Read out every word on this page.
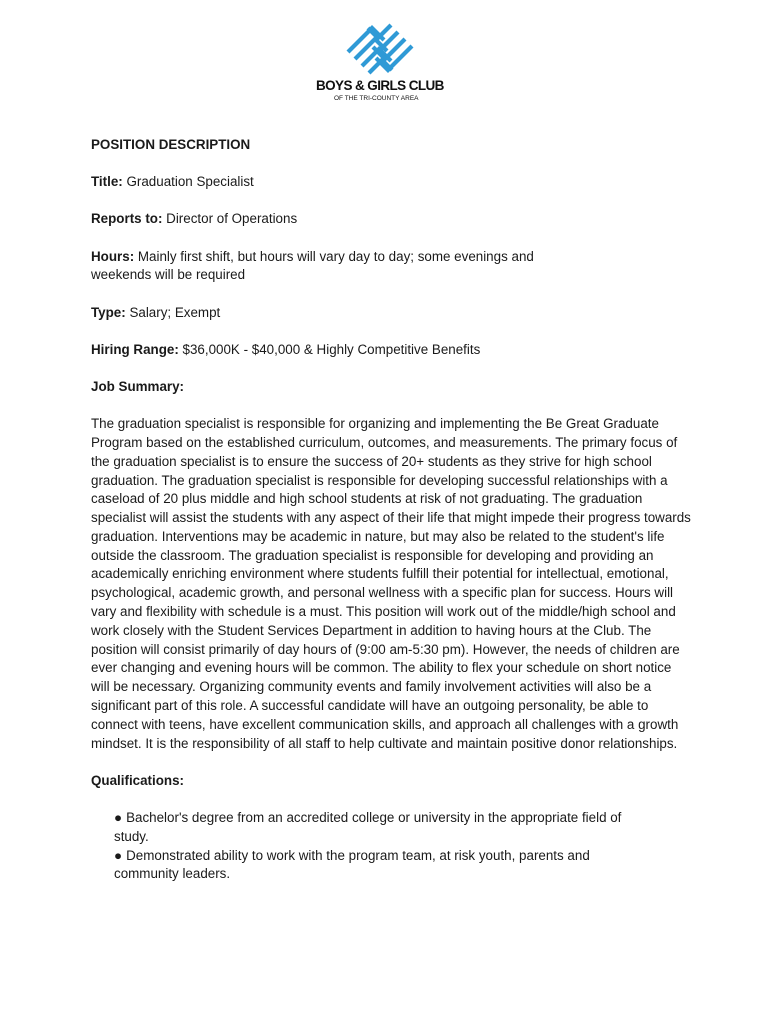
BOYS & GIRLS CLUB
OF THE TRI-COUNTY AREA
POSITION DESCRIPTION
Title: Graduation Specialist
Reports to: Director of Operations
Hours: Mainly first shift, but hours will vary day to day; some evenings and weekends will be required
Type: Salary; Exempt
Hiring Range: $36,000K - $40,000 & Highly Competitive Benefits
Job Summary:
The graduation specialist is responsible for organizing and implementing the Be Great Graduate Program based on the established curriculum, outcomes, and measurements. The primary focus of the graduation specialist is to ensure the success of 20+ students as they strive for high school graduation. The graduation specialist is responsible for developing successful relationships with a caseload of 20 plus middle and high school students at risk of not graduating. The graduation specialist will assist the students with any aspect of their life that might impede their progress towards graduation. Interventions may be academic in nature, but may also be related to the student's life outside the classroom. The graduation specialist is responsible for developing and providing an academically enriching environment where students fulfill their potential for intellectual, emotional, psychological, academic growth, and personal wellness with a specific plan for success. Hours will vary and flexibility with schedule is a must. This position will work out of the middle/high school and work closely with the Student Services Department in addition to having hours at the Club. The position will consist primarily of day hours of (9:00 am-5:30 pm). However, the needs of children are ever changing and evening hours will be common. The ability to flex your schedule on short notice will be necessary. Organizing community events and family involvement activities will also be a significant part of this role. A successful candidate will have an outgoing personality, be able to connect with teens, have excellent communication skills, and approach all challenges with a growth mindset. It is the responsibility of all staff to help cultivate and maintain positive donor relationships.
Qualifications:
● Bachelor's degree from an accredited college or university in the appropriate field of study.
● Demonstrated ability to work with the program team, at risk youth, parents and community leaders.
